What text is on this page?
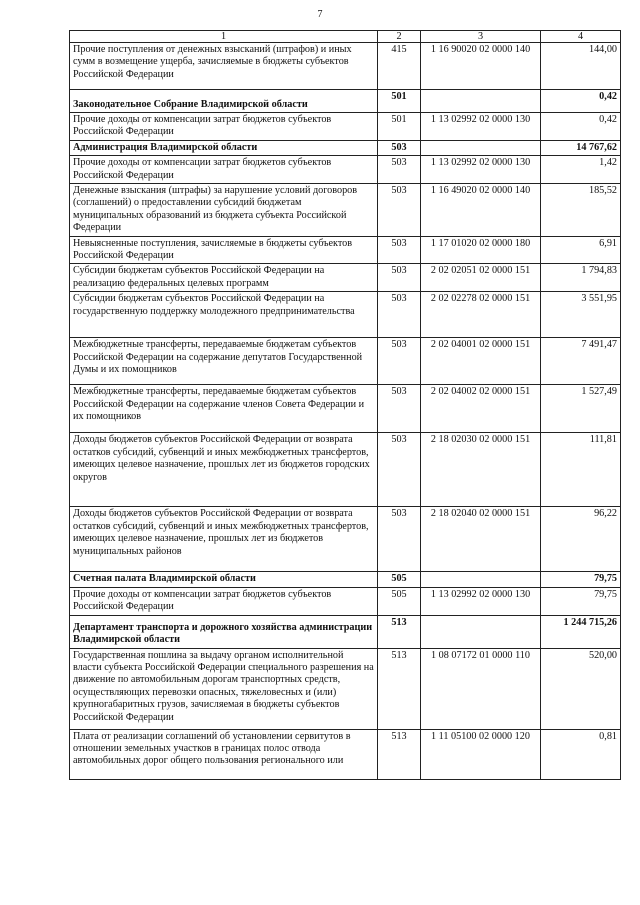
7
1	2	3	4
Прочие поступления от денежных взысканий (штрафов) и иных сумм в возмещение ущерба, зачисляемые в бюджеты субъектов Российской Федерации	415	1 16 90020 02 0000 140	144,00
Законодательное Собрание Владимирской области	501		0,42
Прочие доходы от компенсации затрат бюджетов субъектов Российской Федерации	501	1 13 02992 02 0000 130	0,42
Администрация Владимирской области	503		14 767,62
Прочие доходы от компенсации затрат бюджетов субъектов Российской Федерации	503	1 13 02992 02 0000 130	1,42
Денежные взыскания (штрафы) за нарушение условий договоров (соглашений) о предоставлении субсидий бюджетам муниципальных образований из бюджета субъекта Российской Федерации	503	1 16 49020 02 0000 140	185,52
Невыясненные поступления, зачисляемые в бюджеты субъектов Российской Федерации	503	1 17 01020 02 0000 180	6,91
Субсидии бюджетам субъектов Российской Федерации на реализацию федеральных целевых программ	503	2 02 02051 02 0000 151	1 794,83
Субсидии бюджетам субъектов Российской Федерации на государственную поддержку молодежного предпринимательства	503	2 02 02278 02 0000 151	3 551,95
Межбюджетные трансферты, передаваемые бюджетам субъектов Российской Федерации на содержание депутатов Государственной Думы и их помощников	503	2 02 04001 02 0000 151	7 491,47
Межбюджетные трансферты, передаваемые бюджетам субъектов Российской Федерации на содержание членов Совета Федерации и их помощников	503	2 02 04002 02 0000 151	1 527,49
Доходы бюджетов субъектов Российской Федерации от возврата остатков субсидий, субвенций и иных межбюджетных трансфертов, имеющих целевое назначение, прошлых лет из бюджетов городских округов	503	2 18 02030 02 0000 151	111,81
Доходы бюджетов субъектов Российской Федерации от возврата остатков субсидий, субвенций и иных межбюджетных трансфертов, имеющих целевое назначение, прошлых лет из бюджетов муниципальных районов	503	2 18 02040 02 0000 151	96,22
Счетная палата Владимирской области	505		79,75
Прочие доходы от компенсации затрат бюджетов субъектов Российской Федерации	505	1 13 02992 02 0000 130	79,75
Департамент транспорта и дорожного хозяйства администрации Владимирской области	513		1 244 715,26
Государственная пошлина за выдачу органом исполнительной власти субъекта Российской Федерации специального разрешения на движение по автомобильным дорогам транспортных средств, осуществляющих перевозки опасных, тяжеловесных и (или) крупногабаритных грузов, зачисляемая в бюджеты субъектов Российской Федерации	513	1 08 07172 01 0000 110	520,00
Плата от реализации соглашений об установлении сервитутов в отношении земельных участков в границах полос отвода автомобильных дорог общего пользования регионального или	513	1 11 05100 02 0000 120	0,81
